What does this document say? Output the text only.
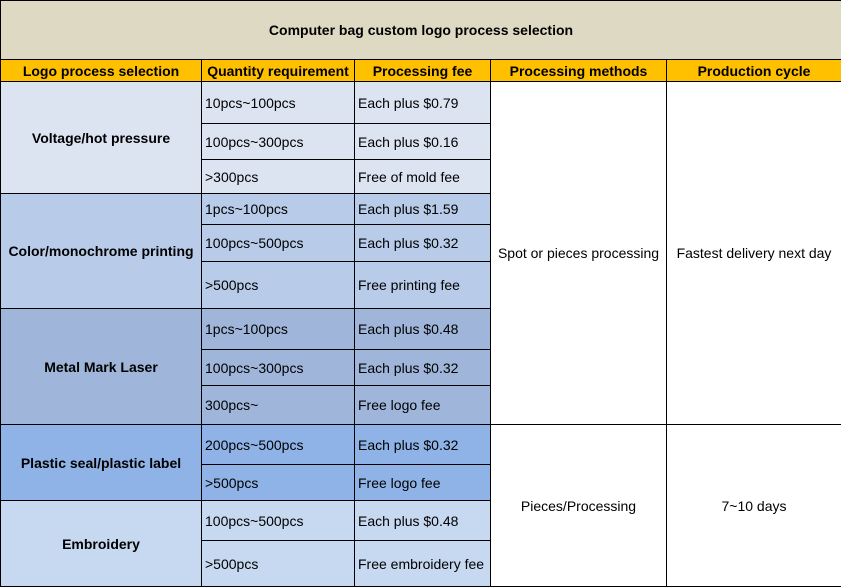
Computer bag custom logo process selection				
Logo process selection	Quantity requirement	Processing fee	Processing methods	Production cycle
Voltage/hot pressure	10pcs~100pcs	Each plus $0.79	Spot or pieces processing	Fastest delivery next day
	100pcs~300pcs	Each plus $0.16		
	>300pcs	Free of mold fee		
Color/monochrome printing	1pcs~100pcs	Each plus $1.59		
	100pcs~500pcs	Each plus $0.32		
	>500pcs	Free printing fee		
Metal Mark Laser	1pcs~100pcs	Each plus $0.48		
	100pcs~300pcs	Each plus $0.32		
	300pcs~	Free logo fee		
Plastic seal/plastic label	200pcs~500pcs	Each plus $0.32	Pieces/Processing	7~10 days
	>500pcs	Free logo fee		
Embroidery	100pcs~500pcs	Each plus $0.48		
	>500pcs	Free embroidery fee		
